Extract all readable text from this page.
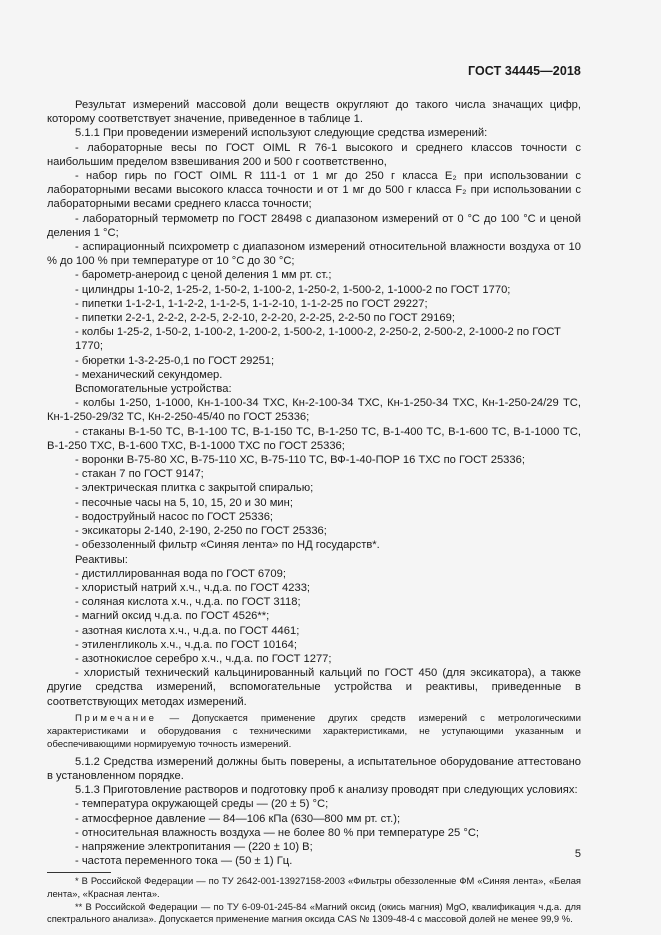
ГОСТ 34445—2018

Результат измерений массовой доли веществ округляют до такого числа значащих цифр, которому соответствует значение, приведенное в таблице 1.

5.1.1 При проведении измерений используют следующие средства измерений:

- лабораторные весы по ГОСТ OIML R 76-1 высокого и среднего классов точности с наибольшим пределом взвешивания 200 и 500 г соответственно,

- набор гирь по ГОСТ OIML R 111-1 от 1 мг до 250 г класса E₂ при использовании с лабораторными весами высокого класса точности и от 1 мг до 500 г класса F₂ при использовании с лабораторными весами среднего класса точности;

- лабораторный термометр по ГОСТ 28498 с диапазоном измерений от 0 °С до 100 °С и ценой деления 1 °С;

- аспирационный психрометр с диапазоном измерений относительной влажности воздуха от 10 % до 100 % при температуре от 10 °С до 30 °С;

- барометр-анероид с ценой деления 1 мм рт. ст.;

- цилиндры 1-10-2, 1-25-2, 1-50-2, 1-100-2, 1-250-2, 1-500-2, 1-1000-2 по ГОСТ 1770;

- пипетки 1-1-2-1, 1-1-2-2, 1-1-2-5, 1-1-2-10, 1-1-2-25 по ГОСТ 29227;

- пипетки 2-2-1, 2-2-2, 2-2-5, 2-2-10, 2-2-20, 2-2-25, 2-2-50 по ГОСТ 29169;

- колбы 1-25-2, 1-50-2, 1-100-2, 1-200-2, 1-500-2, 1-1000-2, 2-250-2, 2-500-2, 2-1000-2 по ГОСТ 1770;

- бюретки 1-3-2-25-0,1 по ГОСТ 29251;

- механический секундомер.

Вспомогательные устройства:

- колбы 1-250, 1-1000, Кн-1-100-34 ТХС, Кн-2-100-34 ТХС, Кн-1-250-34 ТХС, Кн-1-250-24/29 ТС, Кн-1-250-29/32 ТС, Кн-2-250-45/40 по ГОСТ 25336;

- стаканы В-1-50 ТС, В-1-100 ТС, В-1-150 ТС, В-1-250 ТС, В-1-400 ТС, В-1-600 ТС, В-1-1000 ТС, В-1-250 ТХС, В-1-600 ТХС, В-1-1000 ТХС по ГОСТ 25336;

- воронки В-75-80 ХС, В-75-110 ХС, В-75-110 ТС, ВФ-1-40-ПОР 16 ТХС по ГОСТ 25336;

- стакан 7 по ГОСТ 9147;

- электрическая плитка с закрытой спиралью;

- песочные часы на 5, 10, 15, 20 и 30 мин;

- водоструйный насос по ГОСТ 25336;

- эксикаторы 2-140, 2-190, 2-250 по ГОСТ 25336;

- обеззоленный фильтр «Синяя лента» по НД государств*.

Реактивы:

- дистиллированная вода по ГОСТ 6709;

- хлористый натрий х.ч., ч.д.а. по ГОСТ 4233;

- соляная кислота х.ч., ч.д.а. по ГОСТ 3118;

- магний оксид ч.д.а. по ГОСТ 4526**;

- азотная кислота х.ч., ч.д.а. по ГОСТ 4461;

- этиленгликоль х.ч., ч.д.а. по ГОСТ 10164;

- азотнокислое серебро х.ч., ч.д.а. по ГОСТ 1277;

- хлористый технический кальцинированный кальций по ГОСТ 450 (для эксикатора), а также другие средства измерений, вспомогательные устройства и реактивы, приведенные в соответствующих методах измерений.

Примечание — Допускается применение других средств измерений с метрологическими характеристиками и оборудования с техническими характеристиками, не уступающими указанным и обеспечивающими нормируемую точность измерений.

5.1.2 Средства измерений должны быть поверены, а испытательное оборудование аттестовано в установленном порядке.

5.1.3 Приготовление растворов и подготовку проб к анализу проводят при следующих условиях:

- температура окружающей среды — (20 ± 5) °С;

- атмосферное давление — 84—106 кПа (630—800 мм рт. ст.);

- относительная влажность воздуха — не более 80 % при температуре 25 °С;

- напряжение электропитания — (220 ± 10) В;

- частота переменного тока — (50 ± 1) Гц.

* В Российской Федерации — по ТУ 2642-001-13927158-2003 «Фильтры обеззоленные ФМ «Синяя лента», «Белая лента», «Красная лента».

** В Российской Федерации — по ТУ 6-09-01-245-84 «Магний оксид (окись магния) MgO, квалификация ч.д.а. для спектрального анализа». Допускается применение магния оксида CAS № 1309-48-4 с массовой долей не менее 99,9 %.

5
